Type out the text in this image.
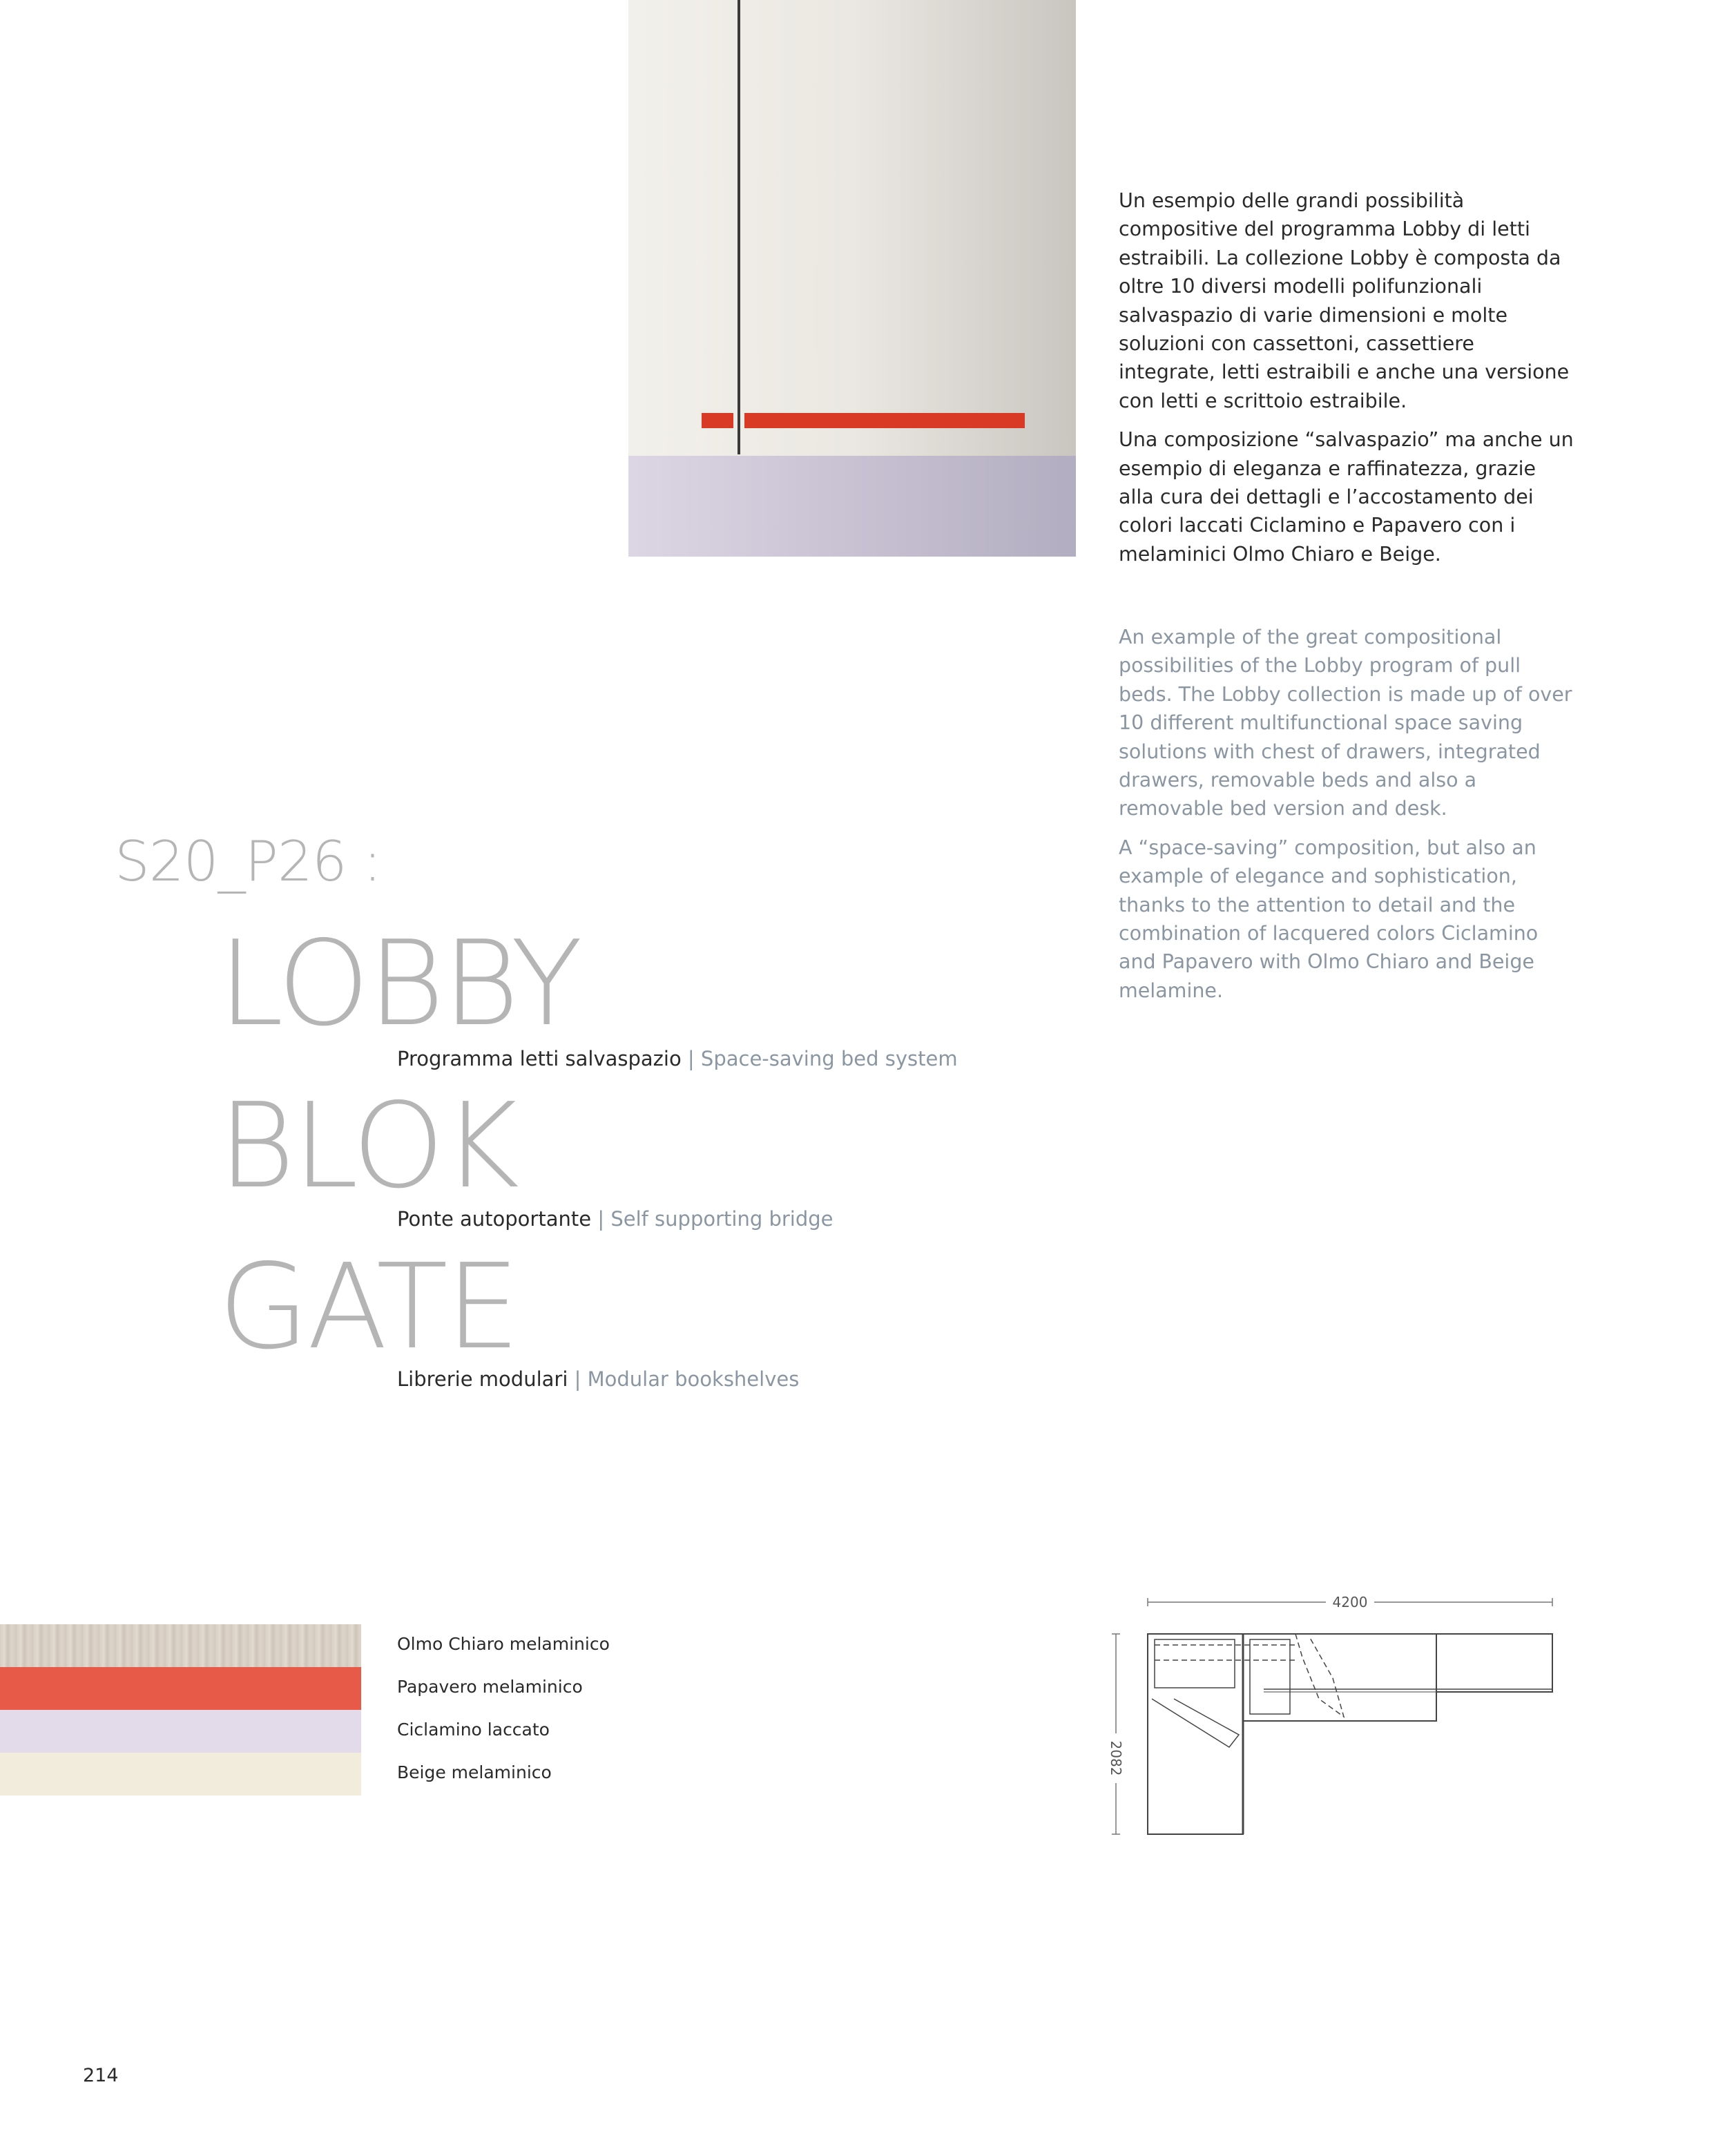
Un esempio delle grandi possibilità compositive del programma Lobby di letti estraibili. La collezione Lobby è composta da oltre 10 diversi modelli polifunzionali salvaspazio di varie dimensioni e molte soluzioni con cassettoni, cassettiere integrate, letti estraibili e anche una versione con letti e scrittoio estraibile.

Una composizione “salvaspazio” ma anche un esempio di eleganza e raffinatezza, grazie alla cura dei dettagli e l’accostamento dei colori laccati Ciclamino e Papavero con i melaminici Olmo Chiaro e Beige.

An example of the great compositional possibilities of the Lobby program of pull beds. The Lobby collection is made up of over 10 different multifunctional space saving solutions with chest of drawers, integrated drawers, removable beds and also a removable bed version and desk.

A “space-saving” composition, but also an example of elegance and sophistication, thanks to the attention to detail and the combination of lacquered colors Ciclamino and Papavero with Olmo Chiaro and Beige melamine.

S20_P26 :
LOBBY
Programma letti salvaspazio | Space-saving bed system
BLOK
Ponte autoportante | Self supporting bridge
GATE
Librerie modulari | Modular bookshelves
Olmo Chiaro melaminico
Papavero melaminico
Ciclamino laccato
Beige melaminico
4200
2082
214
